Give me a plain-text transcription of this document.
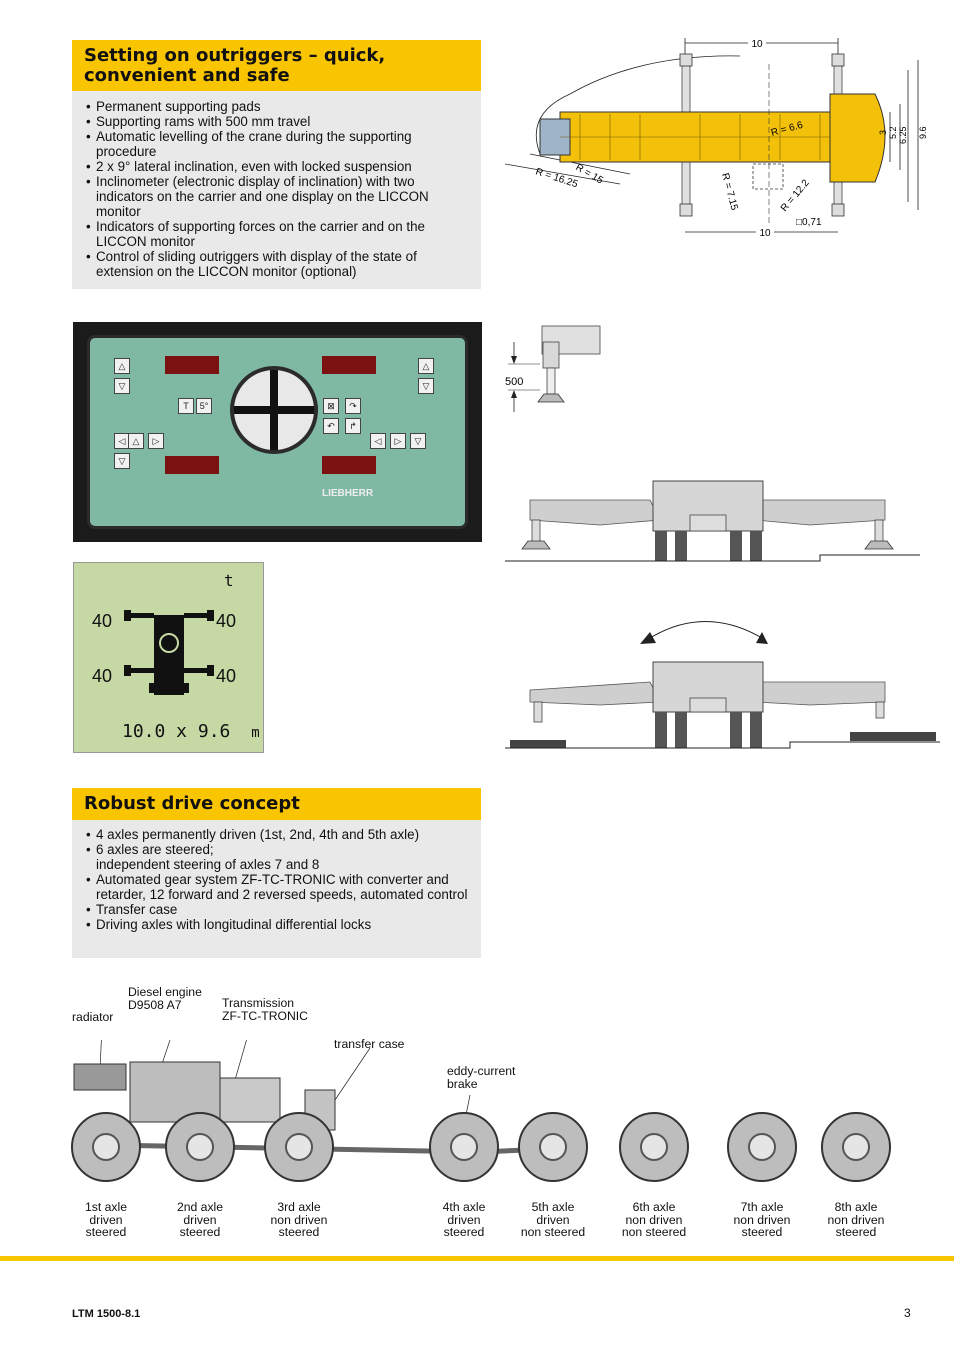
Setting on outriggers – quick, convenient and safe
• Permanent supporting pads
• Supporting rams with 500 mm travel
• Automatic levelling of the crane during the supporting procedure
• 2 x 9° lateral inclination, even with locked suspension
• Inclinometer (electronic display of inclination) with two indicators on the carrier and one display on the LICCON monitor
• Indicators of supporting forces on the carrier and on the LICCON monitor
• Control of sliding outriggers with display of the state of extension on the LICCON monitor (optional)
10
10
3 5.2 6.25 9.6
R = 16.25
R = 15	R = 7.15
R = 6.6
R = 12.2
□0,71
LIEBHERR
△
▽
△
▽
◁ △	▷
▽
◁	▷	▽
⊠	↷
↶	↱
T	5°
t
40	40
40	40
10.0 x 9.6 m
500
Robust drive concept
• 4 axles permanently driven (1st, 2nd, 4th and 5th axle)
• 6 axles are steered;
independent steering of axles 7 and 8
• Automated gear system ZF-TC-TRONIC with converter and retarder, 12 forward and 2 reversed speeds, automated control
• Transfer case
• Driving axles with longitudinal differential locks
radiator
Diesel engine
D9508 A7	Transmission
ZF-TC-TRONIC
transfer case
eddy-current
brake
1st axle
driven
steered
2nd axle
driven
steered
3rd axle
non driven
steered
4th axle
driven
steered
5th axle
driven
non steered
6th axle
non driven
non steered
7th axle
non driven
steered
8th axle
non driven
steered
LTM 1500-8.1	3
